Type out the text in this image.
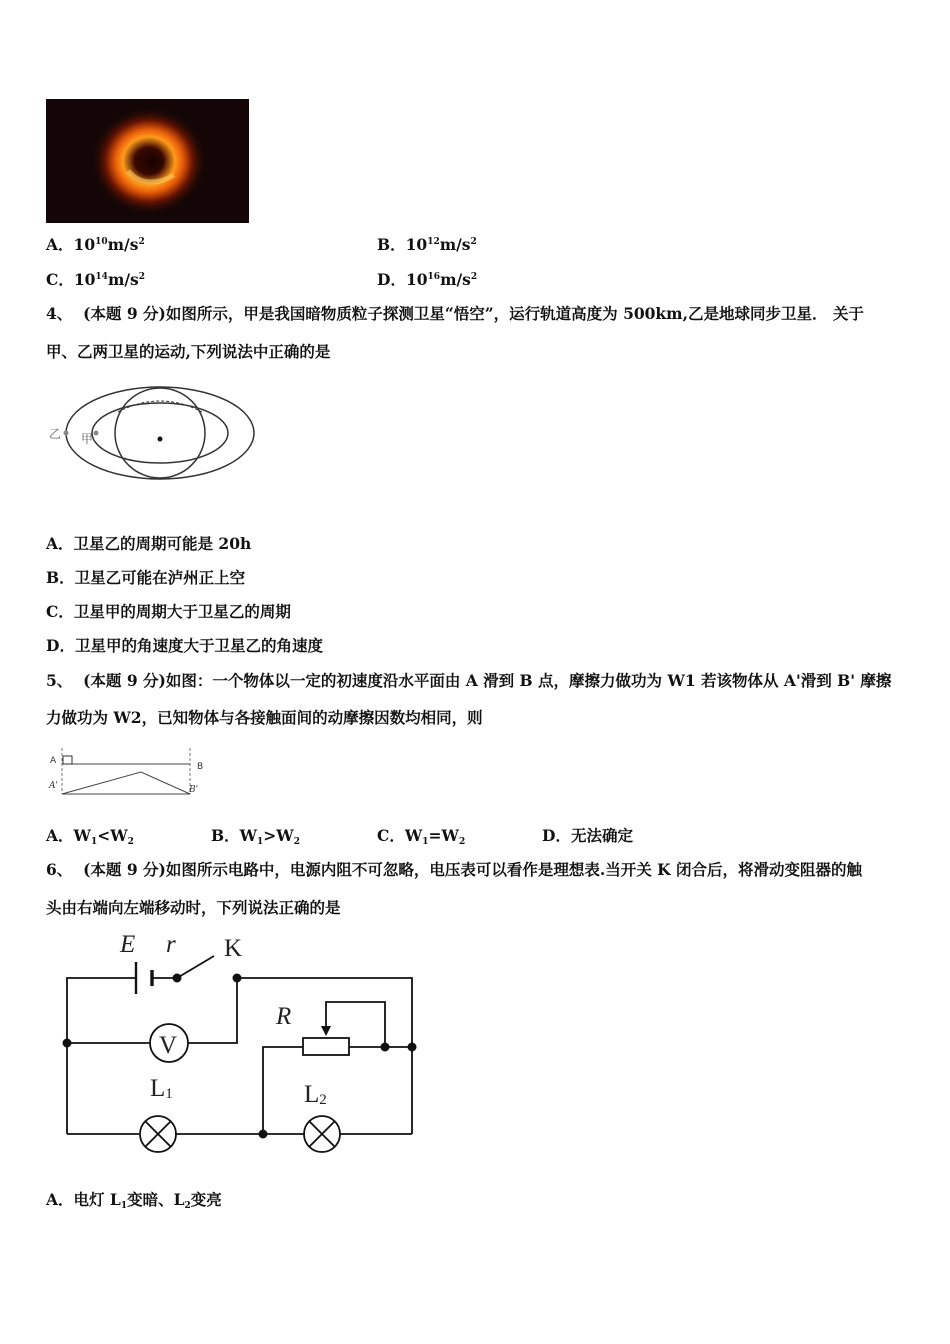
A．$10^{10}m/s^2$	B．$10^{12}m/s^2$
C．$10^{14}m/s^2$	D．$10^{16}m/s^2$
4、 (本题 9 分)如图所示，甲是我国暗物质粒子探测卫星“悟空”，运行轨道高度为 500km,乙是地球同步卫星． 关于
甲、乙两卫星的运动,下列说法中正确的是
乙 甲
A．卫星乙的周期可能是 20h
B．卫星乙可能在泸州正上空
C．卫星甲的周期大于卫星乙的周期
D．卫星甲的角速度大于卫星乙的角速度
5、 (本题 9 分)如图：一个物体以一定的初速度沿水平面由 A 滑到 B 点，摩擦力做功为 W1 若该物体从 A'滑到 B' 摩擦
力做功为 W2，已知物体与各接触面间的动摩擦因数均相同，则
A
B
A'	B'
A．$W_1<W_2$	B．$W_1>W_2$	C．$W_1=W_2$	D．无法确定
6、 (本题 9 分)如图所示电路中，电源内阻不可忽略，电压表可以看作是理想表.当开关 K 闭合后，将滑动变阻器的触
头由右端向左端移动时，下列说法正确的是
E r K
R
V
L1	L2
A．电灯 $L_1$变暗、$L_2$变亮
